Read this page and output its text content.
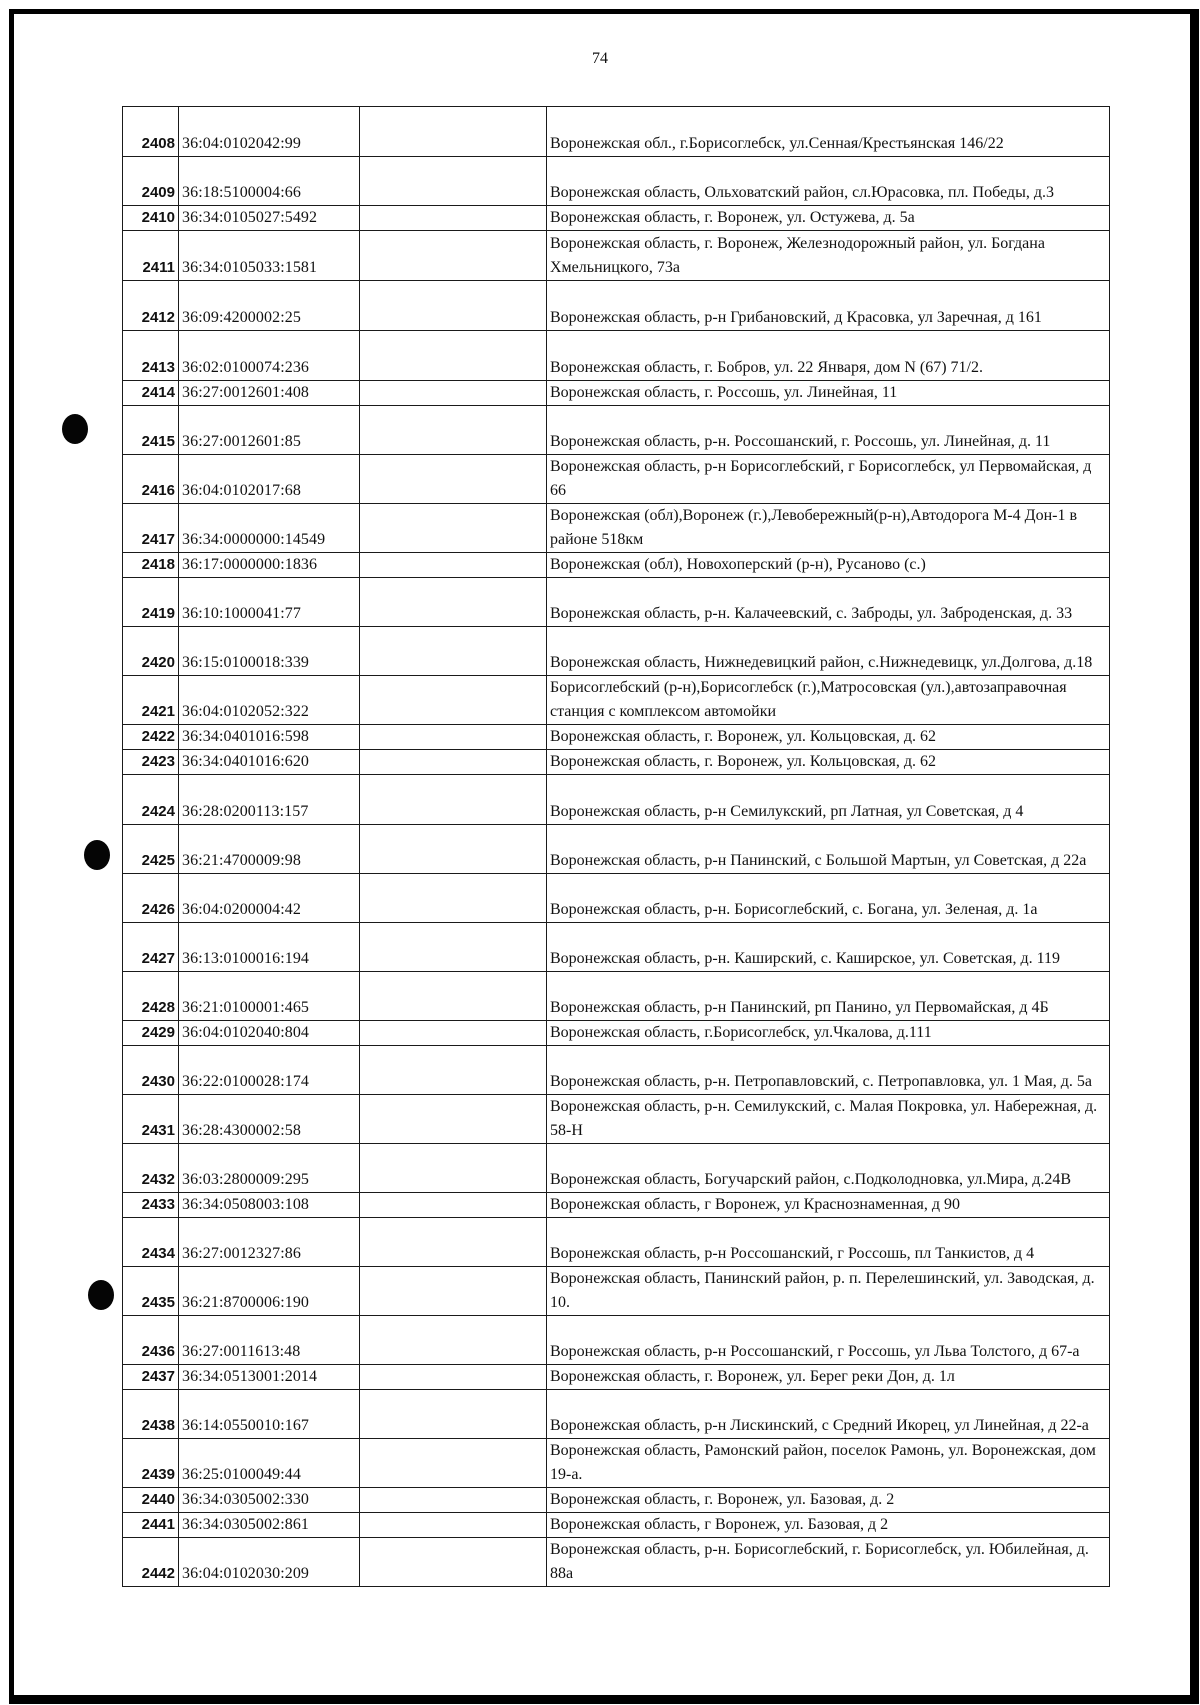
74
2408	36:04:0102042:99		Воронежская обл., г.Борисоглебск, ул.Сенная/Крестьянская 146/22

2409	36:18:5100004:66		Воронежская область, Ольховатский район, сл.Юрасовка, пл. Победы, д.3

2410	36:34:0105027:5492		Воронежская область, г. Воронеж, ул. Остужева, д. 5а

2411	36:34:0105033:1581		Воронежская область, г. Воронеж, Железнодорожный район, ул. Богдана Хмельницкого, 73а

2412	36:09:4200002:25		Воронежская область, р-н Грибановский, д Красовка, ул Заречная, д 161

2413	36:02:0100074:236		Воронежская область, г. Бобров, ул. 22 Января, дом N (67) 71/2.

2414	36:27:0012601:408		Воронежская область, г. Россошь, ул. Линейная, 11

2415	36:27:0012601:85		Воронежская область, р-н. Россошанский, г. Россошь, ул. Линейная, д. 11

2416	36:04:0102017:68		Воронежская область, р-н Борисоглебский, г Борисоглебск, ул Первомайская, д 66

2417	36:34:0000000:14549		Воронежская (обл),Воронеж (г.),Левобережный(р-н),Автодорога М-4 Дон-1 в районе 518км

2418	36:17:0000000:1836		Воронежская (обл), Новохоперский (р-н), Русаново (с.)

2419	36:10:1000041:77		Воронежская область, р-н. Калачеевский, с. Заброды, ул. Заброденская, д. 33

2420	36:15:0100018:339		Воронежская область, Нижнедевицкий район, с.Нижнедевицк, ул.Долгова, д.18

2421	36:04:0102052:322		Борисоглебский (р-н),Борисоглебск (г.),Матросовская (ул.),автозаправочная станция с комплексом автомойки

2422	36:34:0401016:598		Воронежская область, г. Воронеж, ул. Кольцовская, д. 62

2423	36:34:0401016:620		Воронежская область, г. Воронеж, ул. Кольцовская, д. 62

2424	36:28:0200113:157		Воронежская область, р-н Семилукский, рп Латная, ул Советская, д 4

2425	36:21:4700009:98		Воронежская область, р-н Панинский, с Большой Мартын, ул Советская, д 22а

2426	36:04:0200004:42		Воронежская область, р-н. Борисоглебский, с. Богана, ул. Зеленая, д. 1а

2427	36:13:0100016:194		Воронежская область, р-н. Каширский, с. Каширское, ул. Советская, д. 119

2428	36:21:0100001:465		Воронежская область, р-н Панинский, рп Панино, ул Первомайская, д 4Б

2429	36:04:0102040:804		Воронежская область, г.Борисоглебск, ул.Чкалова, д.111

2430	36:22:0100028:174		Воронежская область, р-н. Петропавловский, с. Петропавловка, ул. 1 Мая, д. 5а

2431	36:28:4300002:58		Воронежская область, р-н. Семилукский, с. Малая Покровка, ул. Набережная, д. 58-Н

2432	36:03:2800009:295		Воронежская область, Богучарский район, с.Подколодновка, ул.Мира, д.24В

2433	36:34:0508003:108		Воронежская область, г Воронеж, ул Краснознаменная, д 90

2434	36:27:0012327:86		Воронежская область, р-н Россошанский, г Россошь, пл Танкистов, д 4

2435	36:21:8700006:190		Воронежская область, Панинский район, р. п. Перелешинский, ул. Заводская, д. 10.

2436	36:27:0011613:48		Воронежская область, р-н Россошанский, г Россошь, ул Льва Толстого, д 67-а

2437	36:34:0513001:2014		Воронежская область, г. Воронеж, ул. Берег реки Дон, д. 1л

2438	36:14:0550010:167		Воронежская область, р-н Лискинский, с Средний Икорец, ул Линейная, д 22-а

2439	36:25:0100049:44		Воронежская область, Рамонский район, поселок Рамонь, ул. Воронежская, дом 19-а.

2440	36:34:0305002:330		Воронежская область, г. Воронеж, ул. Базовая, д. 2

2441	36:34:0305002:861		Воронежская область, г Воронеж, ул. Базовая, д 2

2442	36:04:0102030:209		Воронежская область, р-н. Борисоглебский, г. Борисоглебск, ул. Юбилейная, д. 88а
